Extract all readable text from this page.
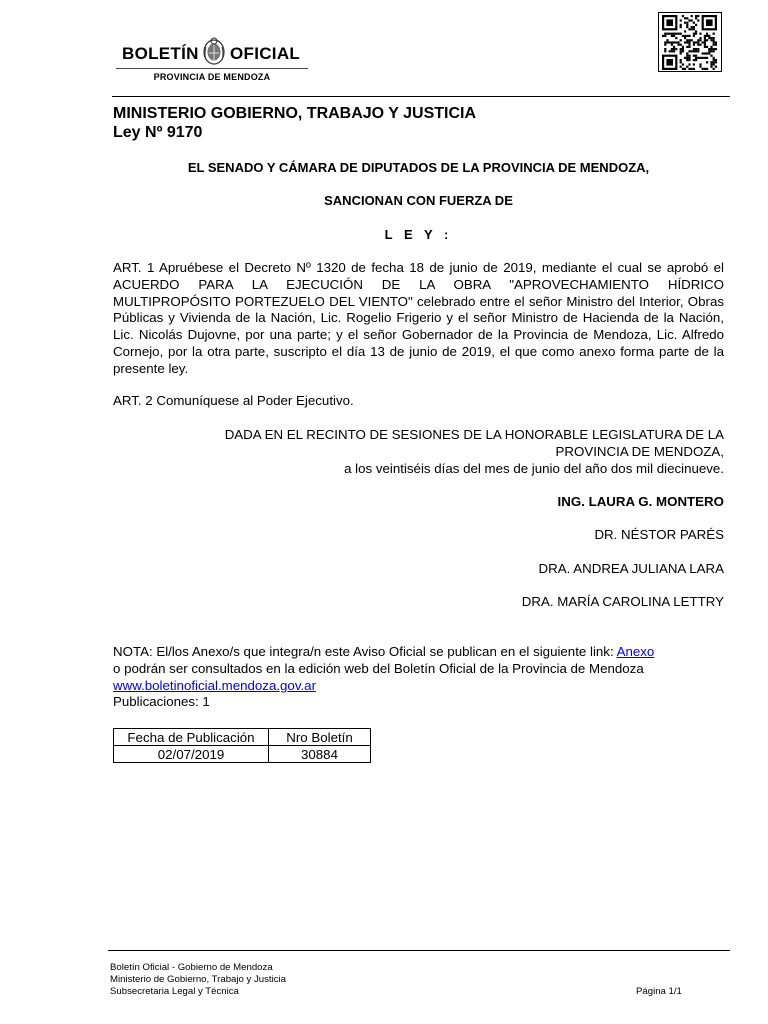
BOLETÍN OFICIAL
PROVINCIA DE MENDOZA
MINISTERIO GOBIERNO, TRABAJO Y JUSTICIA
Ley Nº 9170
EL SENADO Y CÁMARA DE DIPUTADOS DE LA PROVINCIA DE MENDOZA,
SANCIONAN CON FUERZA DE
L E Y :
ART. 1 Apruébese el Decreto Nº 1320 de fecha 18 de junio de 2019, mediante el cual se aprobó el ACUERDO PARA LA EJECUCIÓN DE LA OBRA "APROVECHAMIENTO HÍDRICO MULTIPROPÓSITO PORTEZUELO DEL VIENTO" celebrado entre el señor Ministro del Interior, Obras Públicas y Vivienda de la Nación, Lic. Rogelio Frigerio y el señor Ministro de Hacienda de la Nación, Lic. Nicolás Dujovne, por una parte; y el señor Gobernador de la Provincia de Mendoza, Lic. Alfredo Cornejo, por la otra parte, suscripto el día 13 de junio de 2019, el que como anexo forma parte de la presente ley.
ART. 2 Comuníquese al Poder Ejecutivo.
DADA EN EL RECINTO DE SESIONES DE LA HONORABLE LEGISLATURA DE LA
PROVINCIA DE MENDOZA,
a los veintiséis días del mes de junio del año dos mil diecinueve.
ING. LAURA G. MONTERO
DR. NÉSTOR PARÉS
DRA. ANDREA JULIANA LARA
DRA. MARÍA CAROLINA LETTRY
NOTA: El/los Anexo/s que integra/n este Aviso Oficial se publican en el siguiente link: Anexo
o podrán ser consultados en la edición web del Boletín Oficial de la Provincia de Mendoza
www.boletinoficial.mendoza.gov.ar
Publicaciones: 1
Fecha de Publicación	Nro Boletín
02/07/2019	30884
Boletín Oficial - Gobierno de Mendoza
Ministerio de Gobierno, Trabajo y Justicia
Subsecretaria Legal y Técnica	Página 1/1
